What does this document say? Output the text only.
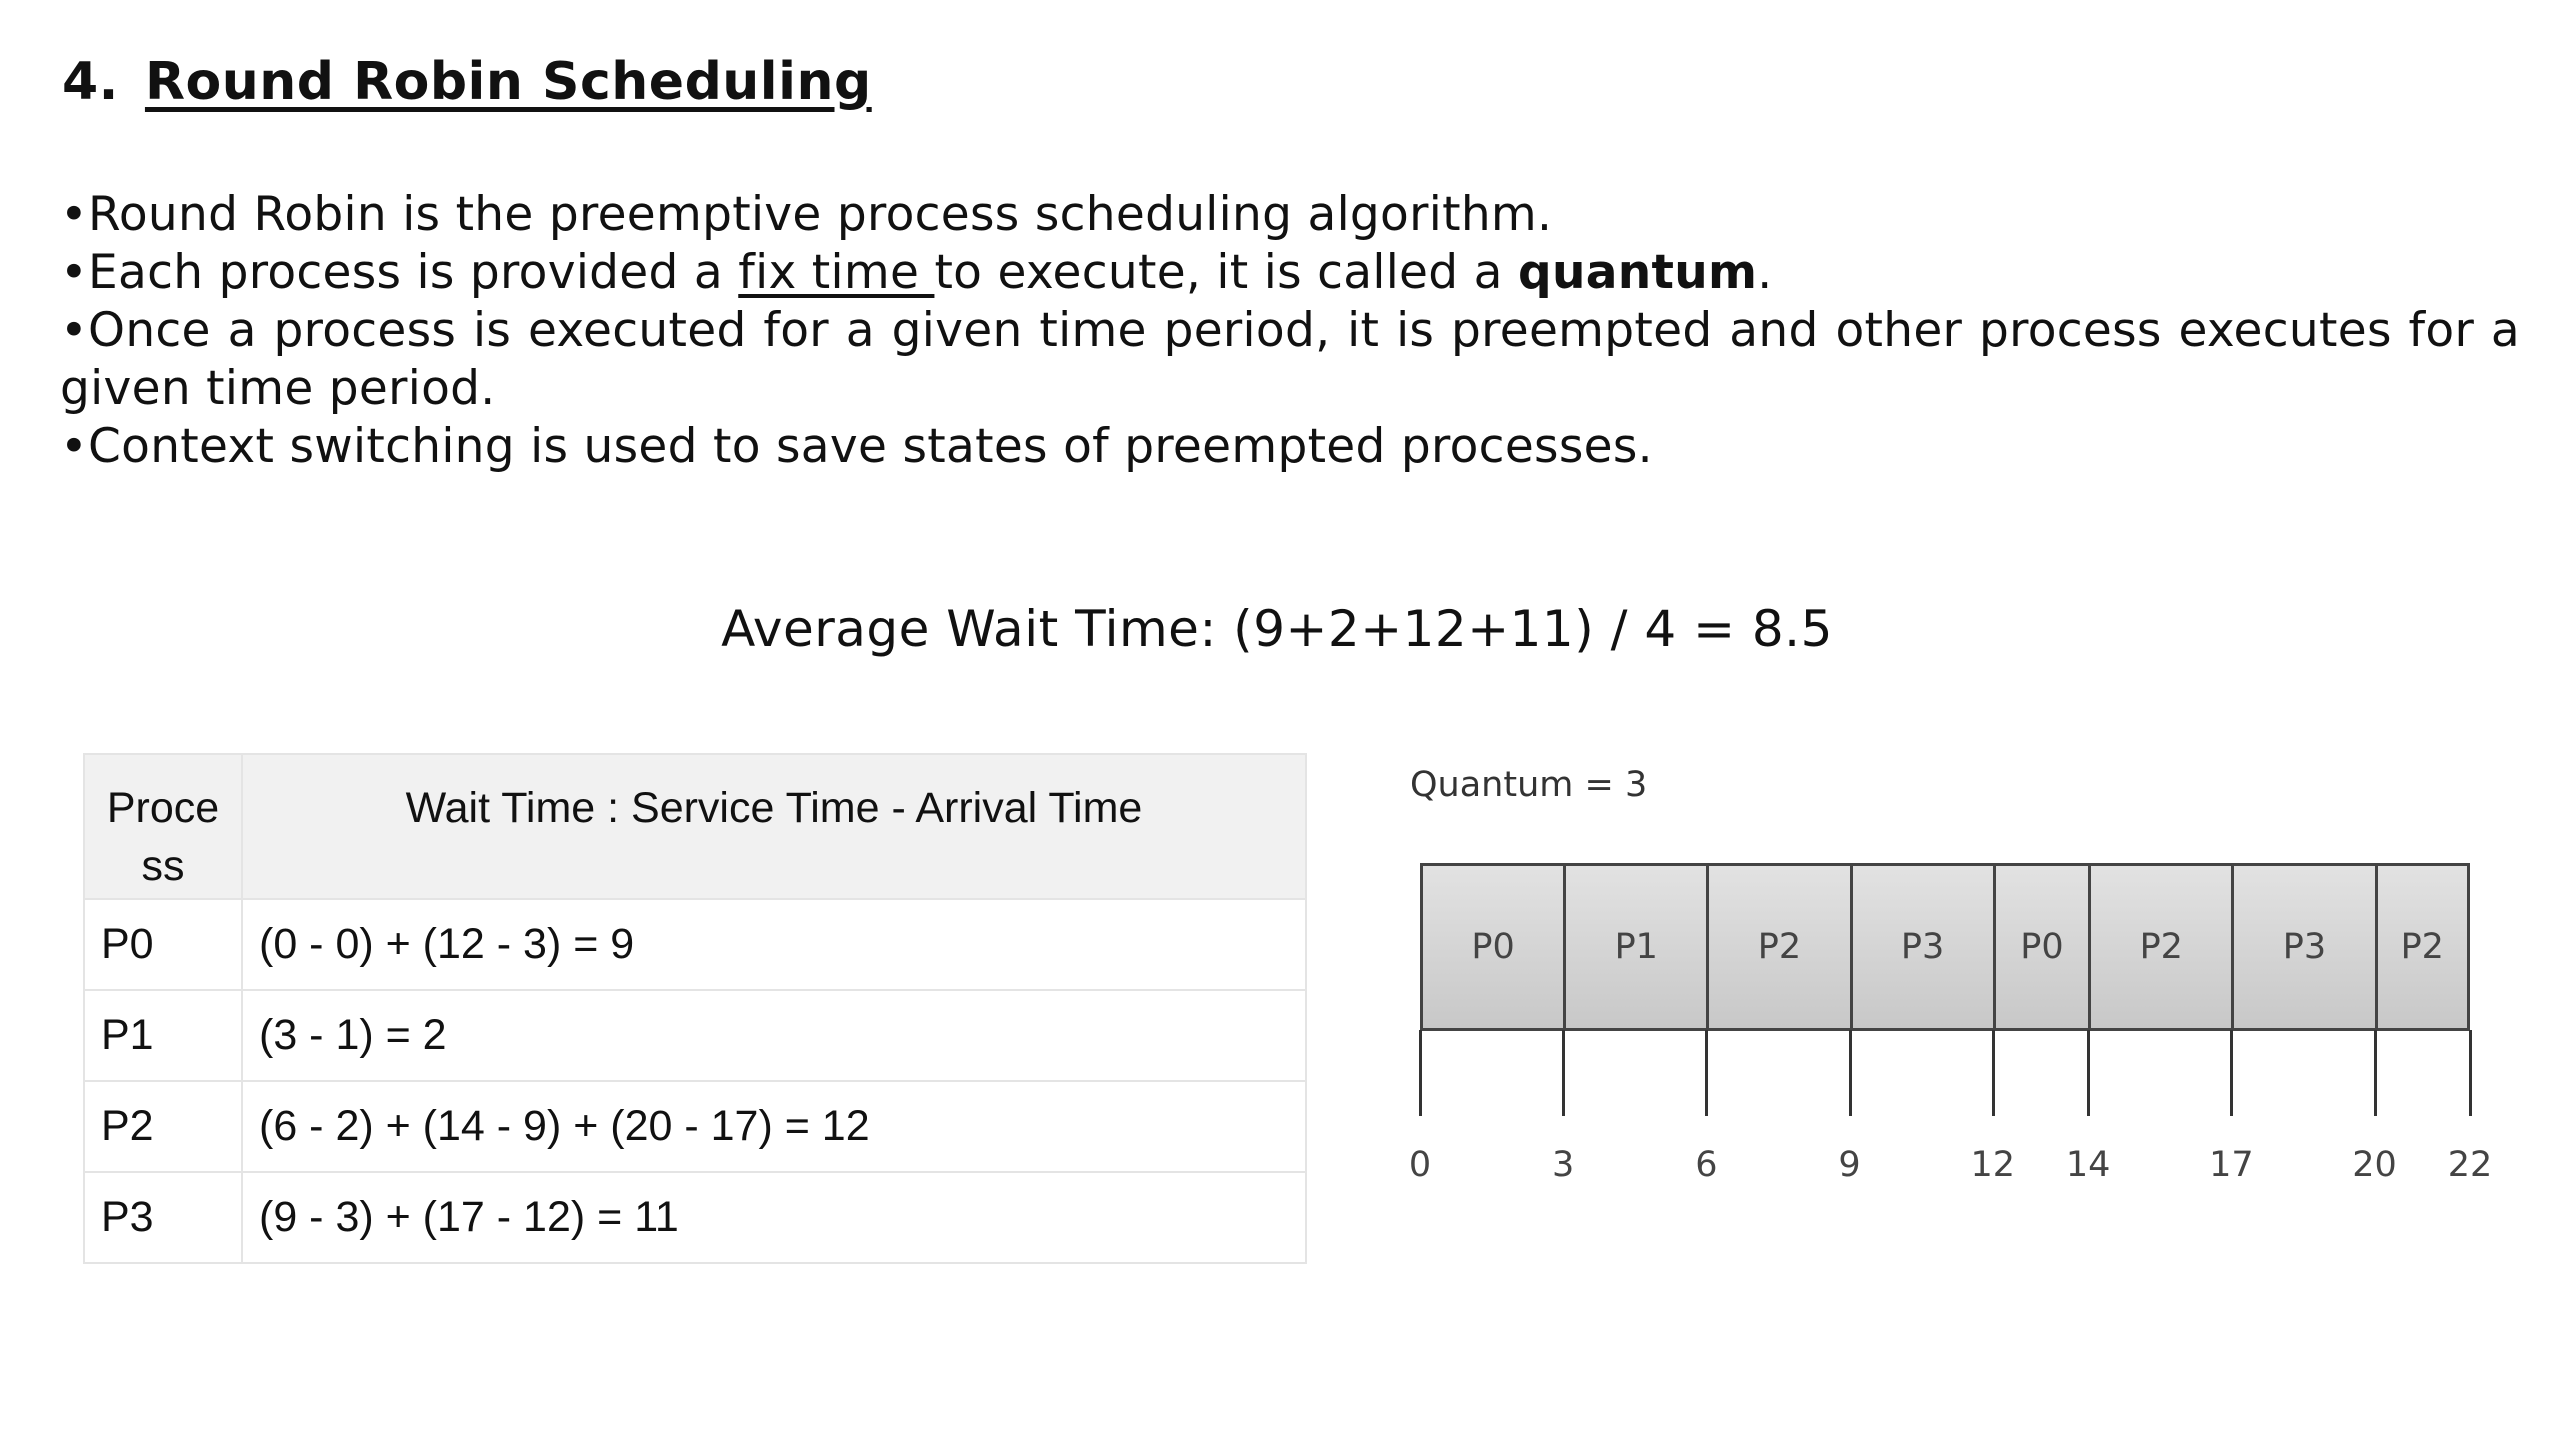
4. Round Robin Scheduling

•Round Robin is the preemptive process scheduling algorithm.

•Each process is provided a fix time to execute, it is called a quantum.

•Once a process is executed for a given time period, it is preempted and other process executes for a given time period.

•Context switching is used to save states of preempted processes.

Average Wait Time: (9+2+12+11) / 4 = 8.5
Proce ss	Wait Time : Service Time - Arrival Time
P0	(0 - 0) + (12 - 3) = 9
P1	(3 - 1) = 2
P2	(6 - 2) + (14 - 9) + (20 - 17) = 12
P3	(9 - 3) + (17 - 12) = 11
Quantum = 3
P0	P1	P2	P3	P0	P2	P3	P2
0	3	6	9	12 14	17	20 22
